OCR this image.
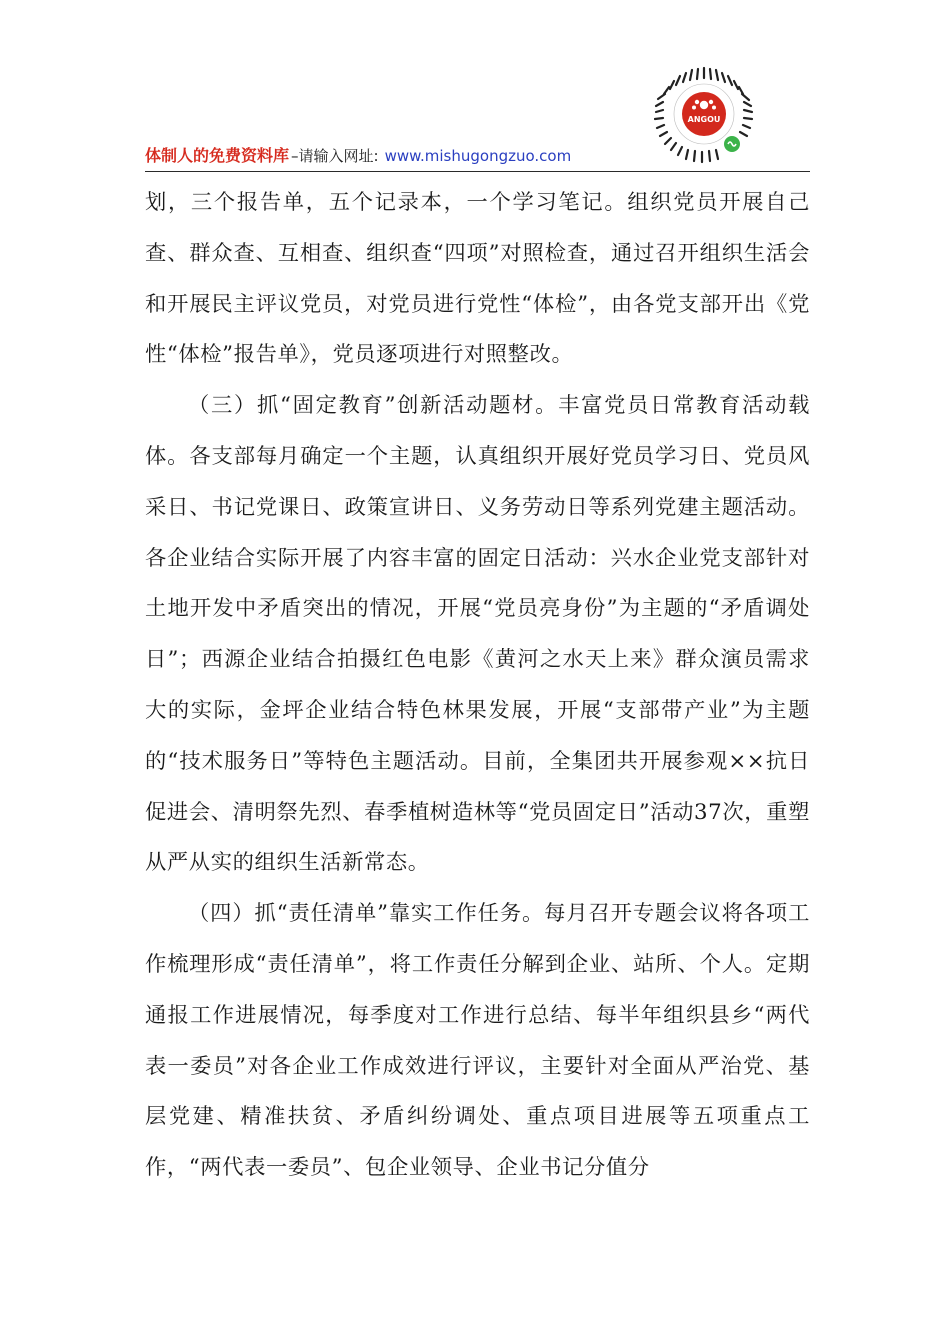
ANGOU
体制人的免费资料库 –请输入网址: www.mishugongzuo.com

划，三个报告单，五个记录本，一个学习笔记。组织党员开展自己查、群众查、互相查、组织查“四项”对照检查，通过召开组织生活会和开展民主评议党员，对党员进行党性“体检”，由各党支部开出《党性“体检”报告单》，党员逐项进行对照整改。

（三）抓“固定教育”创新活动题材。丰富党员日常教育活动载体。各支部每月确定一个主题，认真组织开展好党员学习日、党员风采日、书记党课日、政策宣讲日、义务劳动日等系列党建主题活动。各企业结合实际开展了内容丰富的固定日活动：兴水企业党支部针对土地开发中矛盾突出的情况，开展“党员亮身份”为主题的“矛盾调处日”；西源企业结合拍摄红色电影《黄河之水天上来》群众演员需求大的实际，金坪企业结合特色林果发展，开展“支部带产业”为主题的“技术服务日”等特色主题活动。目前，全集团共开展参观××抗日促进会、清明祭先烈、春季植树造林等“党员固定日”活动37次，重塑从严从实的组织生活新常态。

（四）抓“责任清单”靠实工作任务。每月召开专题会议将各项工作梳理形成“责任清单”，将工作责任分解到企业、站所、个人。定期通报工作进展情况，每季度对工作进行总结、每半年组织县乡“两代表一委员”对各企业工作成效进行评议，主要针对全面从严治党、基层党建、精准扶贫、矛盾纠纷调处、重点项目进展等五项重点工作，“两代表一委员”、包企业领导、企业书记分值分
